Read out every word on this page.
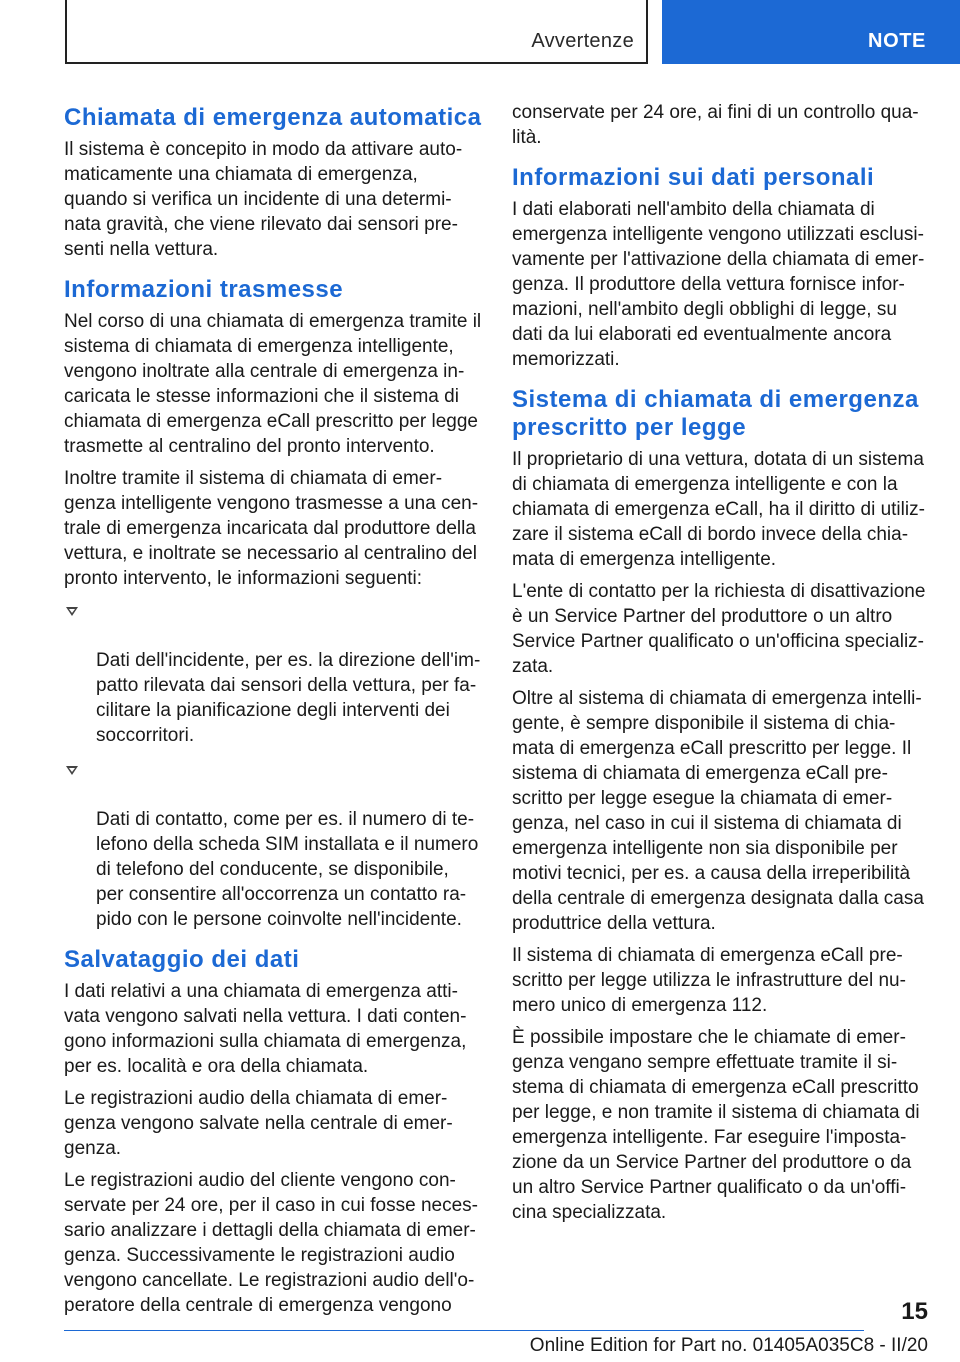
Avvertenze	NOTE
Chiamata di emergenza automatica

Il sistema è concepito in modo da attivare auto-
maticamente una chiamata di emergenza,
quando si verifica un incidente di una determi-
nata gravità, che viene rilevato dai sensori pre-
senti nella vettura.

Informazioni trasmesse

Nel corso di una chiamata di emergenza tramite il
sistema di chiamata di emergenza intelligente,
vengono inoltrate alla centrale di emergenza in-
caricata le stesse informazioni che il sistema di
chiamata di emergenza eCall prescritto per legge
trasmette al centralino del pronto intervento.

Inoltre tramite il sistema di chiamata di emer-
genza intelligente vengono trasmesse a una cen-
trale di emergenza incaricata dal produttore della
vettura, e inoltrate se necessario al centralino del
pronto intervento, le informazioni seguenti:

Dati dell'incidente, per es. la direzione dell'im-
patto rilevata dai sensori della vettura, per fa-
cilitare la pianificazione degli interventi dei
soccorritori.

Dati di contatto, come per es. il numero di te-
lefono della scheda SIM installata e il numero
di telefono del conducente, se disponibile,
per consentire all'occorrenza un contatto ra-
pido con le persone coinvolte nell'incidente.

Salvataggio dei dati

I dati relativi a una chiamata di emergenza atti-
vata vengono salvati nella vettura. I dati conten-
gono informazioni sulla chiamata di emergenza,
per es. località e ora della chiamata.

Le registrazioni audio della chiamata di emer-
genza vengono salvate nella centrale di emer-
genza.

Le registrazioni audio del cliente vengono con-
servate per 24 ore, per il caso in cui fosse neces-
sario analizzare i dettagli della chiamata di emer-
genza. Successivamente le registrazioni audio
vengono cancellate. Le registrazioni audio dell'o-
peratore della centrale di emergenza vengono

conservate per 24 ore, ai fini di un controllo qua-
lità.

Informazioni sui dati personali

I dati elaborati nell'ambito della chiamata di
emergenza intelligente vengono utilizzati esclusi-
vamente per l'attivazione della chiamata di emer-
genza. Il produttore della vettura fornisce infor-
mazioni, nell'ambito degli obblighi di legge, su
dati da lui elaborati ed eventualmente ancora
memorizzati.

Sistema di chiamata di emergenza
prescritto per legge

Il proprietario di una vettura, dotata di un sistema
di chiamata di emergenza intelligente e con la
chiamata di emergenza eCall, ha il diritto di utiliz-
zare il sistema eCall di bordo invece della chia-
mata di emergenza intelligente.

L'ente di contatto per la richiesta di disattivazione
è un Service Partner del produttore o un altro
Service Partner qualificato o un'officina specializ-
zata.

Oltre al sistema di chiamata di emergenza intelli-
gente, è sempre disponibile il sistema di chia-
mata di emergenza eCall prescritto per legge. Il
sistema di chiamata di emergenza eCall pre-
scritto per legge esegue la chiamata di emer-
genza, nel caso in cui il sistema di chiamata di
emergenza intelligente non sia disponibile per
motivi tecnici, per es. a causa della irreperibilità
della centrale di emergenza designata dalla casa
produttrice della vettura.

Il sistema di chiamata di emergenza eCall pre-
scritto per legge utilizza le infrastrutture del nu-
mero unico di emergenza 112.

È possibile impostare che le chiamate di emer-
genza vengano sempre effettuate tramite il si-
stema di chiamata di emergenza eCall prescritto
per legge, e non tramite il sistema di chiamata di
emergenza intelligente. Far eseguire l'imposta-
zione da un Service Partner del produttore o da
un altro Service Partner qualificato o da un'offi-
cina specializzata.

15
Online Edition for Part no. 01405A035C8 - II/20
